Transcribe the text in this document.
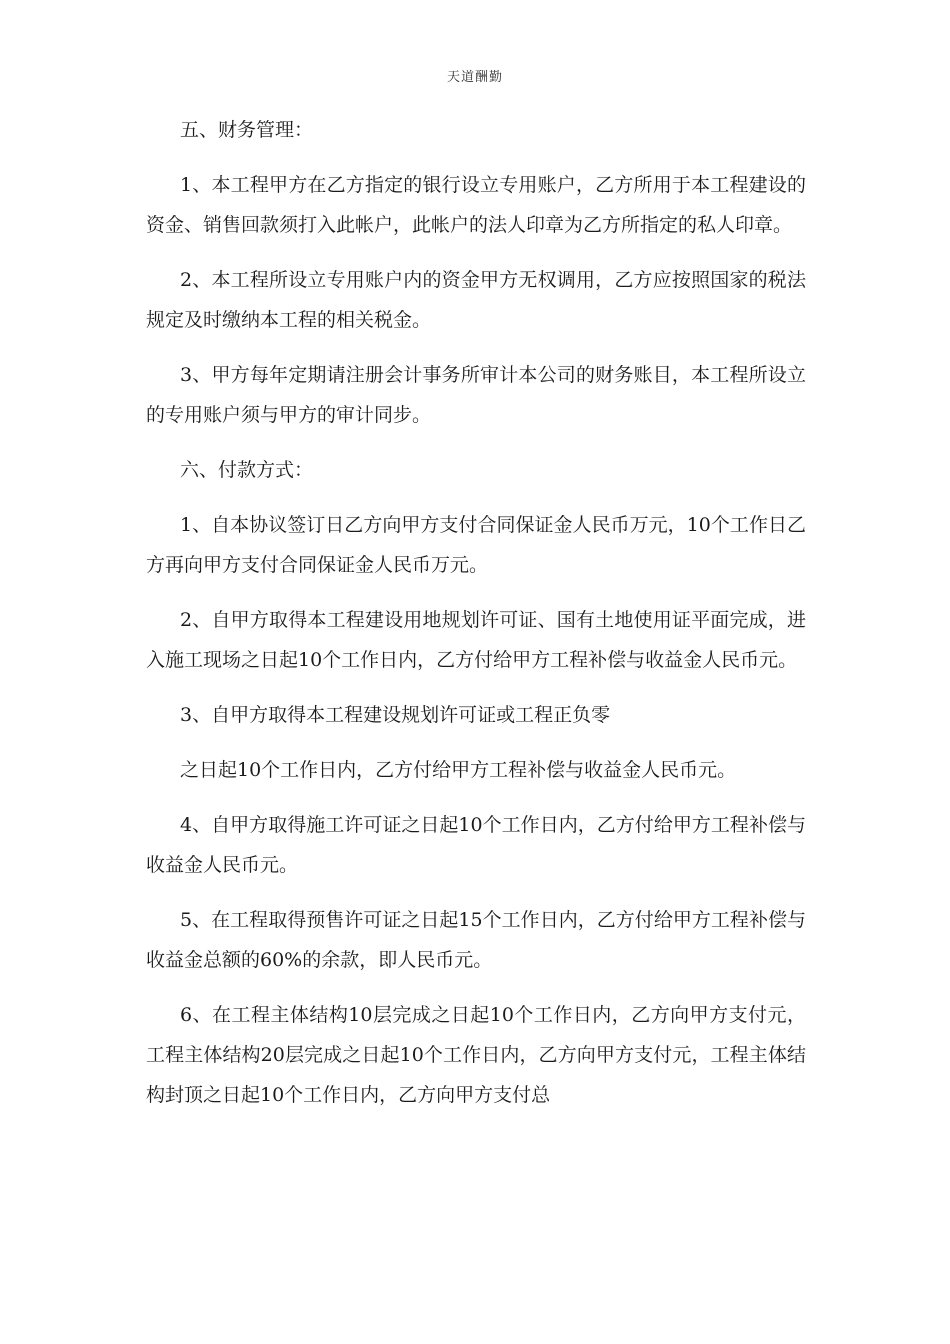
天道酬勤

五、财务管理：

1、本工程甲方在乙方指定的银行设立专用账户，乙方所用于本工程建设的资金、销售回款须打入此帐户，此帐户的法人印章为乙方所指定的私人印章。

2、本工程所设立专用账户内的资金甲方无权调用，乙方应按照国家的税法规定及时缴纳本工程的相关税金。

3、甲方每年定期请注册会计事务所审计本公司的财务账目，本工程所设立的专用账户须与甲方的审计同步。

六、付款方式：

1、自本协议签订日乙方向甲方支付合同保证金人民币万元，10个工作日乙方再向甲方支付合同保证金人民币万元。

2、自甲方取得本工程建设用地规划许可证、国有土地使用证平面完成，进入施工现场之日起10个工作日内，乙方付给甲方工程补偿与收益金人民币元。

3、自甲方取得本工程建设规划许可证或工程正负零

之日起10个工作日内，乙方付给甲方工程补偿与收益金人民币元。

4、自甲方取得施工许可证之日起10个工作日内，乙方付给甲方工程补偿与收益金人民币元。

5、在工程取得预售许可证之日起15个工作日内，乙方付给甲方工程补偿与收益金总额的60%的余款，即人民币元。

6、在工程主体结构10层完成之日起10个工作日内，乙方向甲方支付元，工程主体结构20层完成之日起10个工作日内，乙方向甲方支付元，工程主体结构封顶之日起10个工作日内，乙方向甲方支付总
